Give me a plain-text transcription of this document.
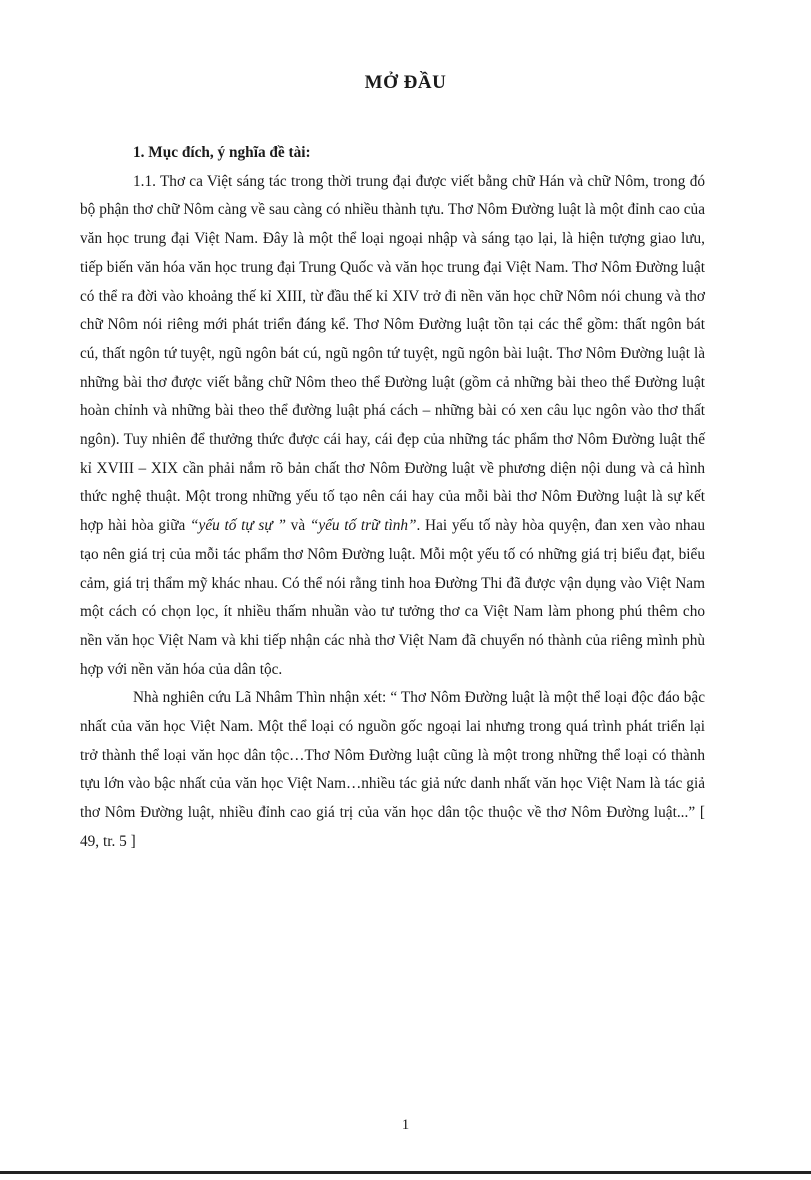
MỞ ĐẦU

1. Mục đích, ý nghĩa đề tài:

1.1. Thơ ca Việt sáng tác trong thời trung đại được viết bằng chữ Hán và chữ Nôm, trong đó bộ phận thơ chữ Nôm càng về sau càng có nhiều thành tựu. Thơ Nôm Đường luật là một đỉnh cao của văn học trung đại Việt Nam. Đây là một thể loại ngoại nhập và sáng tạo lại, là hiện tượng giao lưu, tiếp biến văn hóa văn học trung đại Trung Quốc và văn học trung đại Việt Nam. Thơ Nôm Đường luật có thể ra đời vào khoảng thế kỉ XIII, từ đầu thế kỉ XIV trở đi nền văn học chữ Nôm nói chung và thơ chữ Nôm nói riêng mới phát triển đáng kể. Thơ Nôm Đường luật tồn tại các thể gồm: thất ngôn bát cú, thất ngôn tứ tuyệt, ngũ ngôn bát cú, ngũ ngôn tứ tuyệt, ngũ ngôn bài luật. Thơ Nôm Đường luật là những bài thơ được viết bằng chữ Nôm theo thể Đường luật (gồm cả những bài theo thể Đường luật hoàn chỉnh và những bài theo thể đường luật phá cách – những bài có xen câu lục ngôn vào thơ thất ngôn). Tuy nhiên để thưởng thức được cái hay, cái đẹp của những tác phẩm thơ Nôm Đường luật thế kỉ XVIII – XIX cần phải nắm rõ bản chất thơ Nôm Đường luật về phương diện nội dung và cả hình thức nghệ thuật. Một trong những yếu tố tạo nên cái hay của mỗi bài thơ Nôm Đường luật là sự kết hợp hài hòa giữa “yếu tố tự sự ” và “yếu tố trữ tình”. Hai yếu tố này hòa quyện, đan xen vào nhau tạo nên giá trị của mỗi tác phẩm thơ Nôm Đường luật. Mỗi một yếu tố có những giá trị biểu đạt, biểu cảm, giá trị thẩm mỹ khác nhau. Có thể nói rằng tinh hoa Đường Thi đã được vận dụng vào Việt Nam một cách có chọn lọc, ít nhiều thấm nhuần vào tư tưởng thơ ca Việt Nam làm phong phú thêm cho nền văn học Việt Nam và khi tiếp nhận các nhà thơ Việt Nam đã chuyển nó thành của riêng mình phù hợp với nền văn hóa của dân tộc.

Nhà nghiên cứu Lã Nhâm Thìn nhận xét: “ Thơ Nôm Đường luật là một thể loại độc đáo bậc nhất của văn học Việt Nam. Một thể loại có nguồn gốc ngoại lai nhưng trong quá trình phát triển lại trở thành thể loại văn học dân tộc…Thơ Nôm Đường luật cũng là một trong những thể loại có thành tựu lớn vào bậc nhất của văn học Việt Nam…nhiều tác giả nức danh nhất văn học Việt Nam là tác giả thơ Nôm Đường luật, nhiều đỉnh cao giá trị của văn học dân tộc thuộc về thơ Nôm Đường luật...” [ 49, tr. 5 ]

1
